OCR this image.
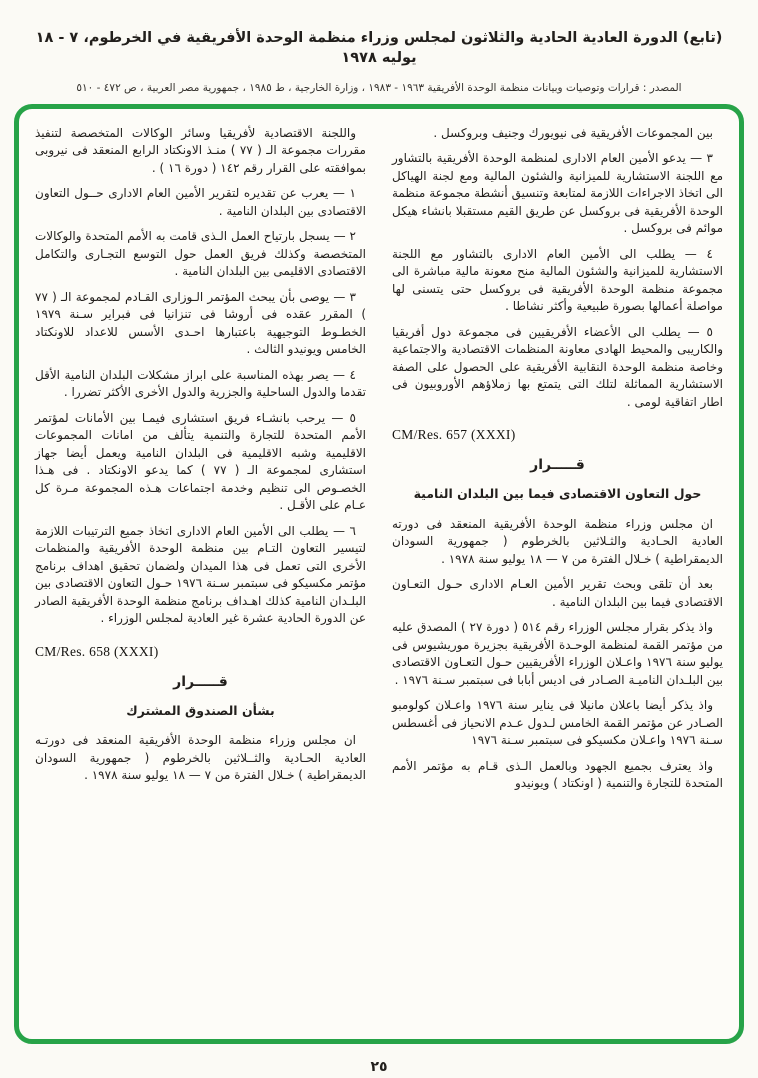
(تابع) الدورة العادية الحادية والثلاثون لمجلس وزراء منظمة الوحدة الأفريقية في الخرطوم، ٧ - ١٨ يوليه ١٩٧٨
المصدر : قرارات وتوصيات وبيانات منظمة الوحدة الأفريقية ١٩٦٣ - ١٩٨٣ ، وزارة الخارجية ، ط ١٩٨٥ ، جمهورية مصر العربية ، ص ٤٧٢ - ٥١٠

بين المجموعات الأفريقية فى نيويورك وجنيف وبروكسل .

٣ — يدعو الأمين العام الادارى لمنظمة الوحدة الأفريقية بالتشاور مع اللجنة الاستشارية للميزانية والشئون المالية ومع لجنة الهياكل الى اتخاذ الاجراءات اللازمة لمتابعة وتنسيق أنشطة مجموعة منظمة الوحدة الأفريقية فى بروكسل عن طريق القيم مستقبلا بانشاء هيكل موائم فى بروكسل .

٤ — يطلب الى الأمين العام الادارى بالتشاور مع اللجنة الاستشارية للميزانية والشئون المالية منح معونة مالية مباشرة الى مجموعة منظمة الوحدة الأفريقية فى بروكسل حتى يتسنى لها مواصلة أعمالها بصورة طبيعية وأكثر نشاطا .

٥ — يطلب الى الأعضاء الأفريقيين فى مجموعة دول أفريقيا والكاريبى والمحيط الهادى معاونة المنظمات الاقتصادية والاجتماعية وخاصة منظمة الوحدة النقابية الأفريقية على الحصول على الصفة الاستشارية المماثلة لتلك التى يتمتع بها زملاؤهم الأوروبيون فى اطار اتفاقية لومى .

CM/Res. 657 (XXXI)
قـــــرار
حول التعاون الاقتصادى فيما بين البلدان النامية

ان مجلس وزراء منظمة الوحدة الأفريقية المنعقد فى دورته العادية الحـادية والثـلاثين بالخرطوم ( جمهورية السودان الديمقراطية ) خـلال الفترة من ٧ — ١٨ يوليو سنة ١٩٧٨ .

بعد أن تلقى وبحث تقرير الأمين العـام الادارى حـول التعـاون الاقتصادى فيما بين البلدان النامية .

واذ يذكر بقرار مجلس الوزراء رقم ٥١٤ ( دورة ٢٧ ) المصدق عليه من مؤتمر القمة لمنظمة الوحـدة الأفريقية بجزيرة موريشيوس فى يوليو سنة ١٩٧٦ واعـلان الوزراء الأفريقيين حـول التعـاون الاقتصادى بين البلـدان الناميـة الصـادر فى اديس أبابا فى سبتمبر سـنة ١٩٧٦ .

واذ يذكر أيضا باعلان مانيلا فى يناير سنة ١٩٧٦ واعـلان كولومبو الصـادر عن مؤتمر القمة الخامس لـدول عـدم الانحياز فى أغسطس سـنة ١٩٧٦ واعـلان مكسيكو فى سبتمبر سـنة ١٩٧٦

واذ يعترف بجميع الجهود وبالعمل الـذى قـام به مؤتمر الأمم المتحدة للتجارة والتنمية ( اونكتاد ) ويونيدو

واللجنة الاقتصادية لأفريقيا وسائر الوكالات المتخصصة لتنفيذ مقررات مجموعة الـ ( ٧٧ ) منـذ الاونكتاد الرابع المنعقد فى نيروبى بموافقته على القرار رقم ١٤٢ ( دورة ١٦ ) .

١ — يعرب عن تقديره لتقرير الأمين العام الادارى حــول التعاون الاقتصادى بين البلدان النامية .

٢ — يسجل بارتياح العمل الـذى قامت به الأمم المتحدة والوكالات المتخصصة وكذلك فريق العمل حول التوسع التجـارى والتكامل الاقتصادى الاقليمى بين البلدان النامية .

٣ — يوصى بأن يبحث المؤتمر الـوزارى القـادم لمجموعة الـ ( ٧٧ ) المقرر عقده فى أروشا فى تنزانيا فى فبراير سـنة ١٩٧٩ الخطـوط التوجيهية باعتبارها احـدى الأسس للاعداد للاونكتاد الخامس ويونيدو الثالث .

٤ — يصر بهذه المناسبة على ابراز مشكلات البلدان النامية الأقل تقدما والدول الساحلية والجزرية والدول الأخرى الأكثر تضررا .

٥ — يرحب بانشـاء فريق استشارى فيمـا بين الأمانات لمؤتمر الأمم المتحدة للتجارة والتنمية يتألف من امانات المجموعات الاقليمية وشبه الاقليمية فى البلدان النامية ويعمل أيضا جهاز استشارى لمجموعة الـ ( ٧٧ ) كما يدعو الاونكتاد . فى هـذا الخصـوص الى تنظيم وخدمة اجتماعات هـذه المجموعة مـرة كل عـام على الأقـل .

٦ — يطلب الى الأمين العام الادارى اتخاذ جميع الترتيبات اللازمة لتيسير التعاون التـام بين منظمة الوحدة الأفريقية والمنظمات الأخرى التى تعمل فى هذا الميدان ولضمان تحقيق اهداف برنامج مؤتمر مكسيكو فى سبتمبر سـنة ١٩٧٦ حـول التعاون الاقتصادى بين البلـدان النامية كذلك اهـداف برنامج منظمة الوحدة الأفريقية الصادر عن الدورة الحادية عشرة غير العادية لمجلس الوزراء .

CM/Res. 658 (XXXI)
قـــــرار
بشأن الصندوق المشترك

ان مجلس وزراء منظمة الوحدة الأفريقية المنعقد فى دورتـه العادية الحـادية والثــلاثين بالخرطوم ( جمهورية السودان الديمقراطية ) خـلال الفترة من ٧ — ١٨ يوليو سنة ١٩٧٨ .

٢٥
